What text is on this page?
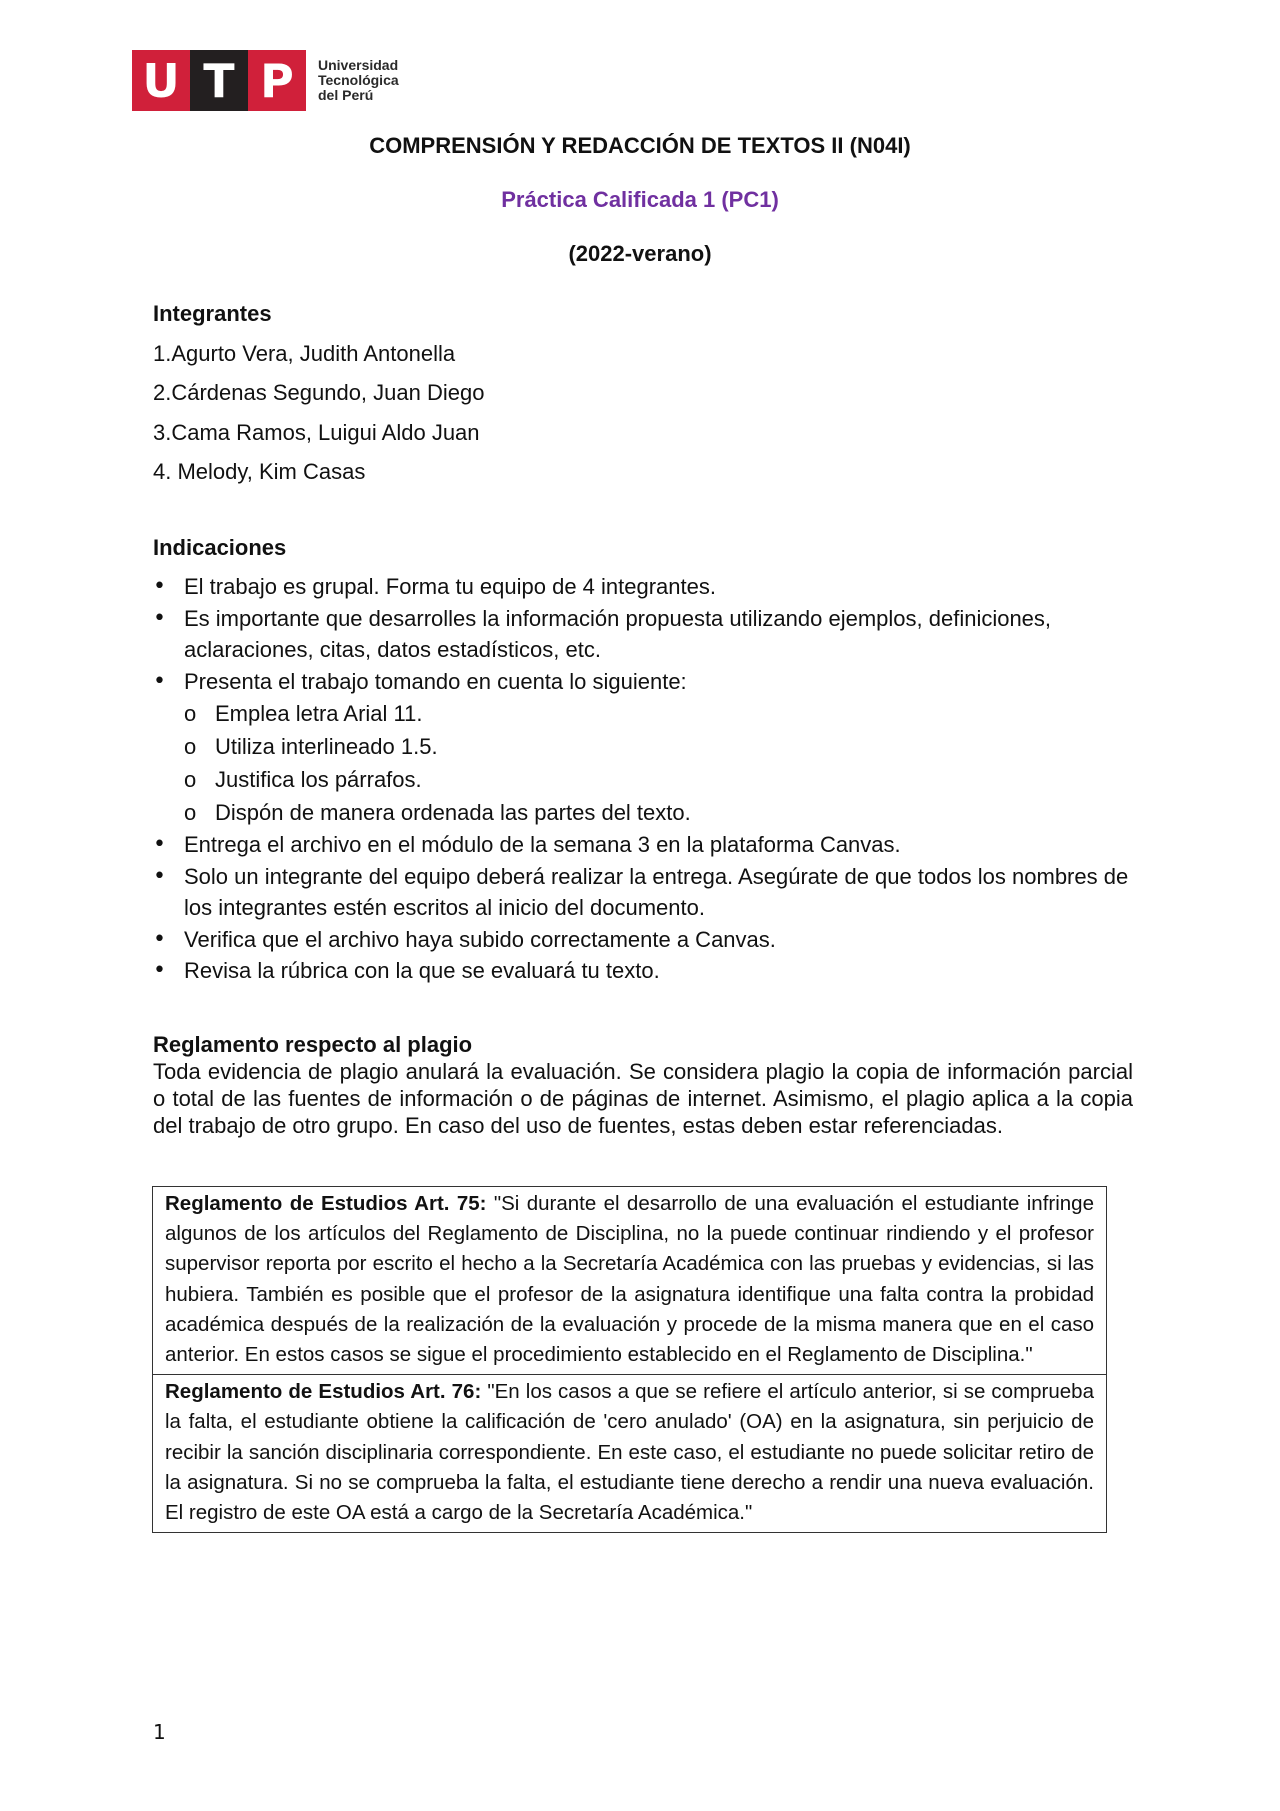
U T P	Universidad
Tecnológica
del Perú
COMPRENSIÓN Y REDACCIÓN DE TEXTOS II (N04I)
Práctica Calificada 1 (PC1)
(2022-verano)
Integrantes
1.Agurto Vera, Judith Antonella
2.Cárdenas Segundo, Juan Diego
3.Cama Ramos, Luigui Aldo Juan
4. Melody, Kim Casas
Indicaciones
• El trabajo es grupal. Forma tu equipo de 4 integrantes.
• Es importante que desarrolles la información propuesta utilizando ejemplos, definiciones, aclaraciones, citas, datos estadísticos, etc.
• Presenta el trabajo tomando en cuenta lo siguiente:
o Emplea letra Arial 11.
o Utiliza interlineado 1.5.
o Justifica los párrafos.
o Dispón de manera ordenada las partes del texto.
• Entrega el archivo en el módulo de la semana 3 en la plataforma Canvas.
• Solo un integrante del equipo deberá realizar la entrega. Asegúrate de que todos los nombres de los integrantes estén escritos al inicio del documento.
• Verifica que el archivo haya subido correctamente a Canvas.
• Revisa la rúbrica con la que se evaluará tu texto.
Reglamento respecto al plagio

Toda evidencia de plagio anulará la evaluación. Se considera plagio la copia de información parcial o total de las fuentes de información o de páginas de internet. Asimismo, el plagio aplica a la copia del trabajo de otro grupo. En caso del uso de fuentes, estas deben estar referenciadas.

Reglamento de Estudios Art. 75: "Si durante el desarrollo de una evaluación el estudiante infringe algunos de los artículos del Reglamento de Disciplina, no la puede continuar rindiendo y el profesor supervisor reporta por escrito el hecho a la Secretaría Académica con las pruebas y evidencias, si las hubiera. También es posible que el profesor de la asignatura identifique una falta contra la probidad académica después de la realización de la evaluación y procede de la misma manera que en el caso anterior. En estos casos se sigue el procedimiento establecido en el Reglamento de Disciplina."
Reglamento de Estudios Art. 76: "En los casos a que se refiere el artículo anterior, si se comprueba la falta, el estudiante obtiene la calificación de 'cero anulado' (OA) en la asignatura, sin perjuicio de recibir la sanción disciplinaria correspondiente. En este caso, el estudiante no puede solicitar retiro de la asignatura. Si no se comprueba la falta, el estudiante tiene derecho a rendir una nueva evaluación. El registro de este OA está a cargo de la Secretaría Académica."
1
